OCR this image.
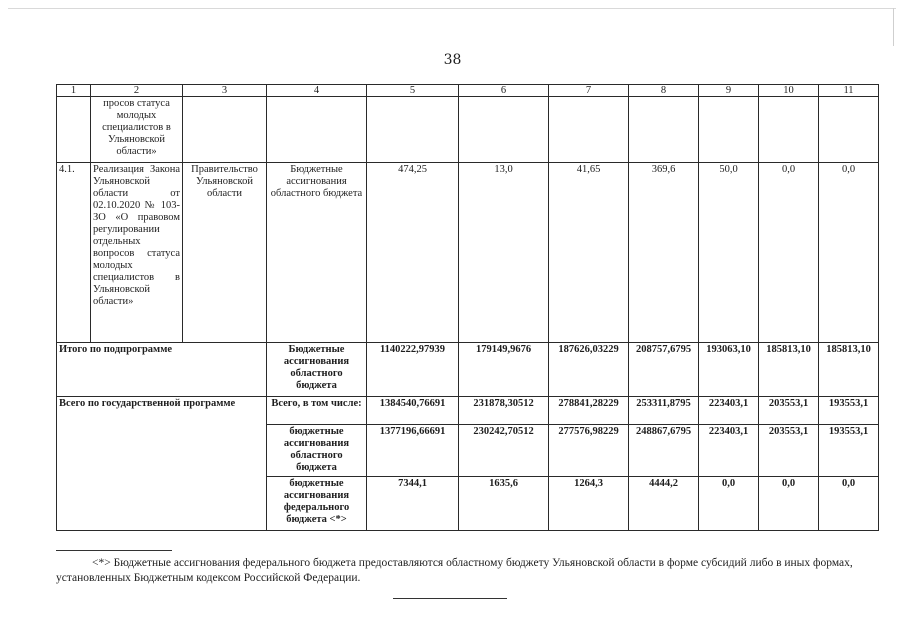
38
1	2	3	4	5	6	7	8	9	10	11
	просов статуса молодых специалистов в Ульяновской области»									
4.1.	Реализация Закона Ульяновской области от 02.10.2020 № 103-ЗО «О правовом регулировании отдельных вопросов статуса молодых специалистов в Ульяновской области»	Правительство Ульяновской области	Бюджетные ассигнования областного бюджета	474,25	13,0	41,65	369,6	50,0	0,0	0,0
Итого по подпрограмме			Бюджетные ассигнования областного бюджета	1140222,97939	179149,9676	187626,03229	208757,6795	193063,10	185813,10	185813,10
Всего по государственной программе			Всего, в том числе:	1384540,76691	231878,30512	278841,28229	253311,8795	223403,1	203553,1	193553,1
			бюджетные ассигнования областного бюджета	1377196,66691	230242,70512	277576,98229	248867,6795	223403,1	203553,1	193553,1
			бюджетные ассигнования федерального бюджета <*>	7344,1	1635,6	1264,3	4444,2	0,0	0,0	0,0
<*> Бюджетные ассигнования федерального бюджета предоставляются областному бюджету Ульяновской области в форме субсидий либо в иных формах, установленных Бюджетным кодексом Российской Федерации.
